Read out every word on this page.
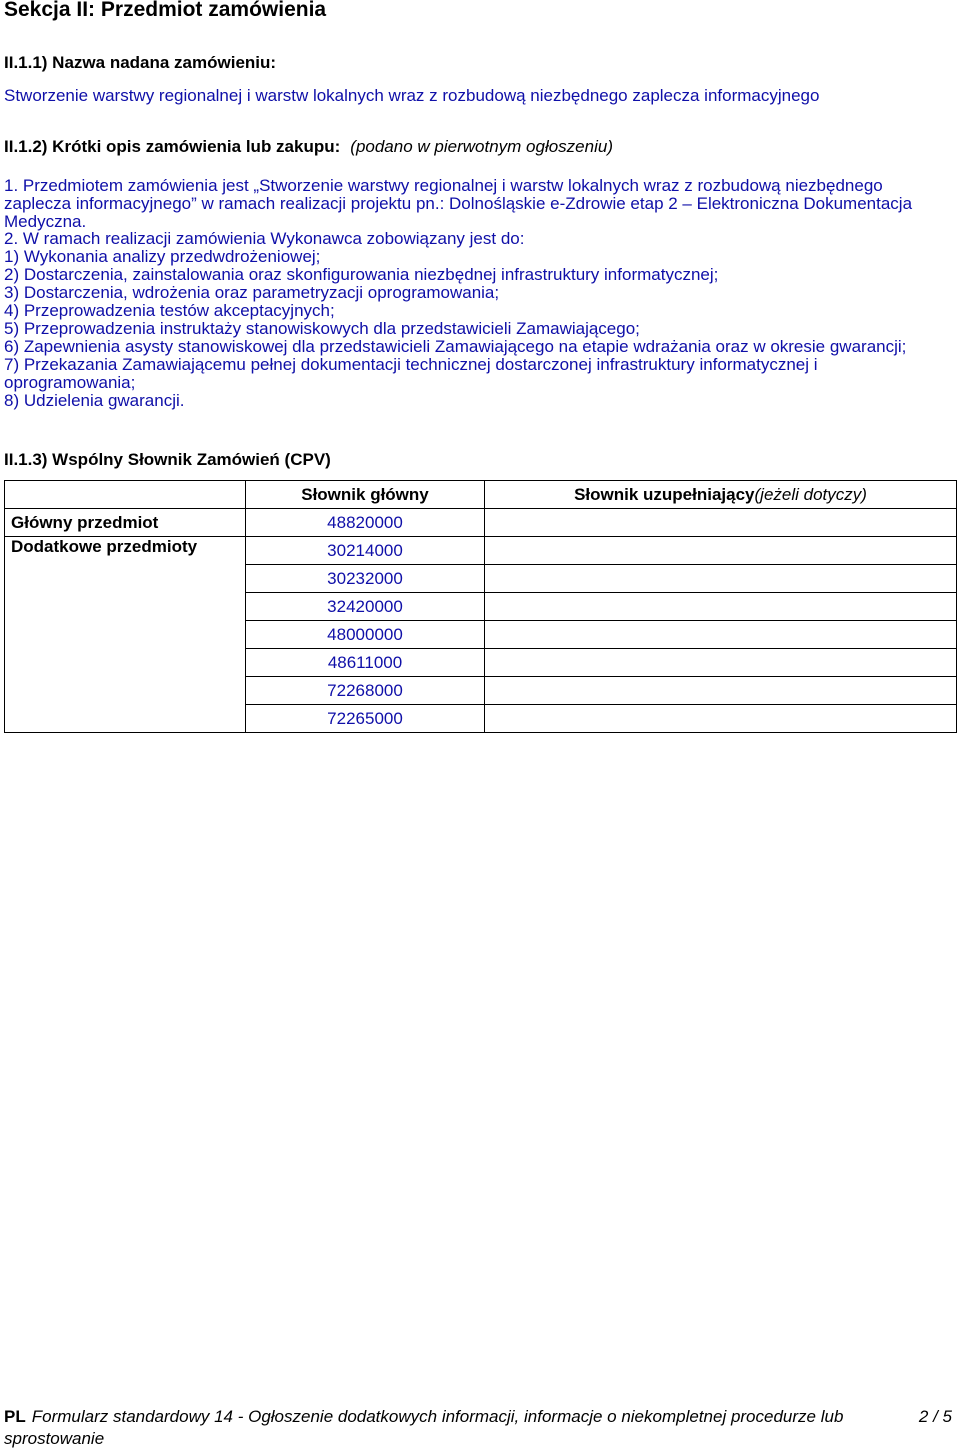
Sekcja II: Przedmiot zamówienia
II.1.1) Nazwa nadana zamówieniu:

Stworzenie warstwy regionalnej i warstw lokalnych wraz z rozbudową niezbędnego zaplecza informacyjnego

II.1.2) Krótki opis zamówienia lub zakupu: (podano w pierwotnym ogłoszeniu)

1. Przedmiotem zamówienia jest „Stworzenie warstwy regionalnej i warstw lokalnych wraz z rozbudową niezbędnego zaplecza informacyjnego” w ramach realizacji projektu pn.: Dolnośląskie e-Zdrowie etap 2 – Elektroniczna Dokumentacja Medyczna.

2. W ramach realizacji zamówienia Wykonawca zobowiązany jest do:
1) Wykonania analizy przedwdrożeniowej;
2) Dostarczenia, zainstalowania oraz skonfigurowania niezbędnej infrastruktury informatycznej;
3) Dostarczenia, wdrożenia oraz parametryzacji oprogramowania;
4) Przeprowadzenia testów akceptacyjnych;
5) Przeprowadzenia instruktaży stanowiskowych dla przedstawicieli Zamawiającego;
6) Zapewnienia asysty stanowiskowej dla przedstawicieli Zamawiającego na etapie wdrażania oraz w okresie gwarancji;
7) Przekazania Zamawiającemu pełnej dokumentacji technicznej dostarczonej infrastruktury informatycznej i oprogramowania;
8) Udzielenia gwarancji.
II.1.3) Wspólny Słownik Zamówień (CPV)
	Słownik główny	Słownik uzupełniający(jeżeli dotyczy)
Główny przedmiot	48820000	
Dodatkowe przedmioty	30214000	
	30232000	
	32420000	
	48000000	
	48611000	
	72268000	
	72265000	
PL Formularz standardowy 14 - Ogłoszenie dodatkowych informacji, informacje o niekompletnej procedurze lub
sprostowanie
2 / 5
